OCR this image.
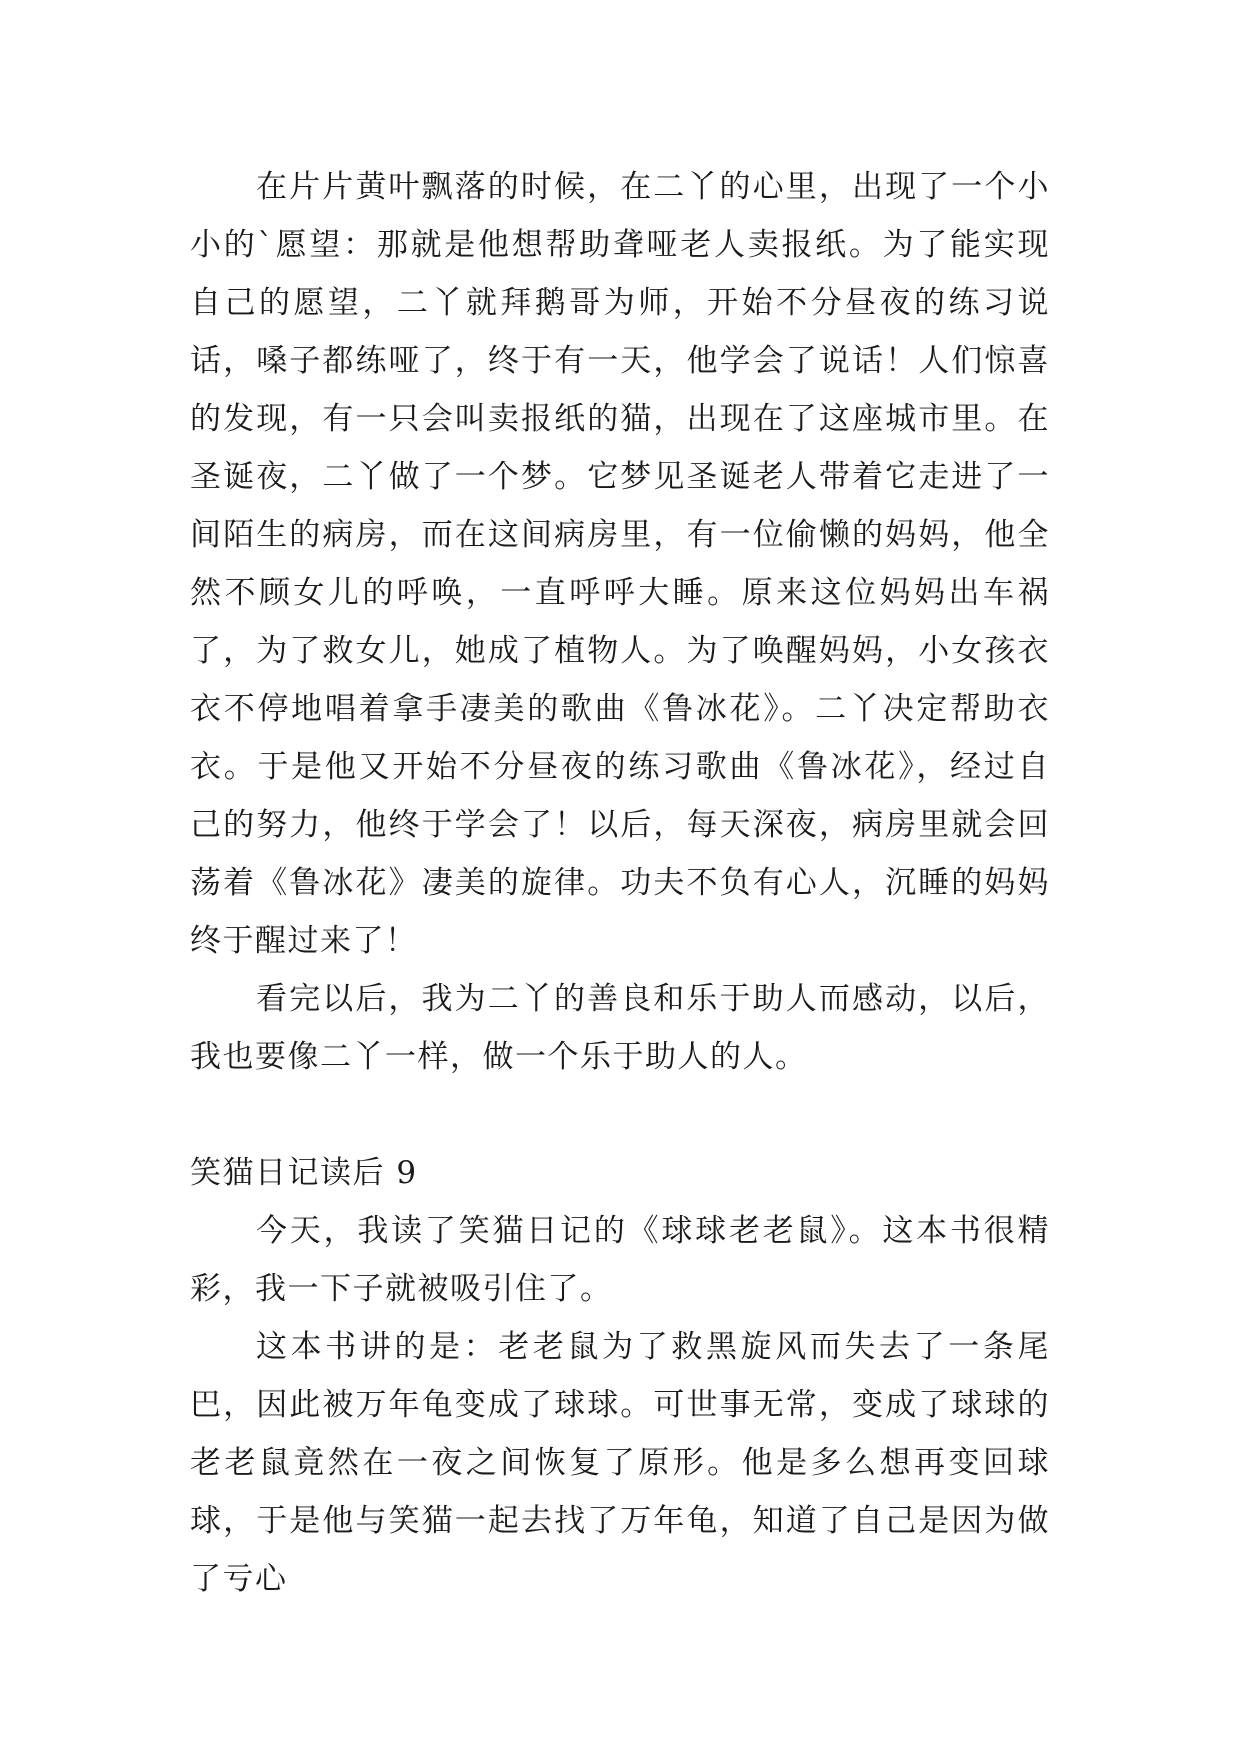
在片片黄叶飘落的时候，在二丫的心里，出现了一个小小的`愿望：那就是他想帮助聋哑老人卖报纸。为了能实现自己的愿望，二丫就拜鹅哥为师，开始不分昼夜的练习说话，嗓子都练哑了，终于有一天，他学会了说话！人们惊喜的发现，有一只会叫卖报纸的猫，出现在了这座城市里。在圣诞夜，二丫做了一个梦。它梦见圣诞老人带着它走进了一间陌生的病房，而在这间病房里，有一位偷懒的妈妈，他全然不顾女儿的呼唤，一直呼呼大睡。原来这位妈妈出车祸了，为了救女儿，她成了植物人。为了唤醒妈妈，小女孩衣衣不停地唱着拿手凄美的歌曲《鲁冰花》。二丫决定帮助衣衣。于是他又开始不分昼夜的练习歌曲《鲁冰花》，经过自己的努力，他终于学会了！以后，每天深夜，病房里就会回荡着《鲁冰花》凄美的旋律。功夫不负有心人，沉睡的妈妈终于醒过来了！

看完以后，我为二丫的善良和乐于助人而感动，以后，我也要像二丫一样，做一个乐于助人的人。

笑猫日记读后 9

今天，我读了笑猫日记的《球球老老鼠》。这本书很精彩，我一下子就被吸引住了。

这本书讲的是：老老鼠为了救黑旋风而失去了一条尾巴，因此被万年龟变成了球球。可世事无常，变成了球球的老老鼠竟然在一夜之间恢复了原形。他是多么想再变回球球，于是他与笑猫一起去找了万年龟，知道了自己是因为做了亏心
